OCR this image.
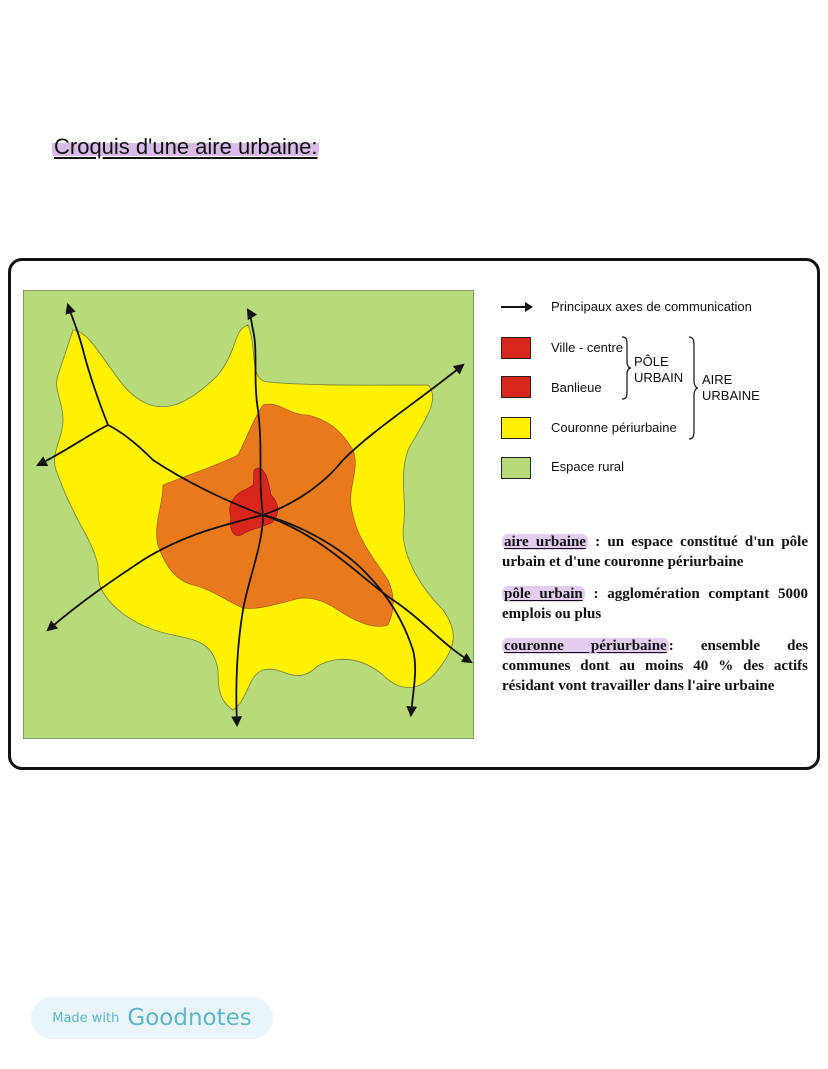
Croquis d'une aire urbaine:
Principaux axes de communication
Ville - centre
Banlieue
Couronne périurbaine
Espace rural
PÔLE URBAIN AIRE URBAINE
aire urbaine : un espace constitué d'un pôle urbain et d'une couronne périurbaine
pôle urbain : agglomération comptant 5000 emplois ou plus
couronne périurbaine : ensemble des communes dont au moins 40 % des actifs résidant vont travailler dans l'aire urbaine
Made with Goodnotes
